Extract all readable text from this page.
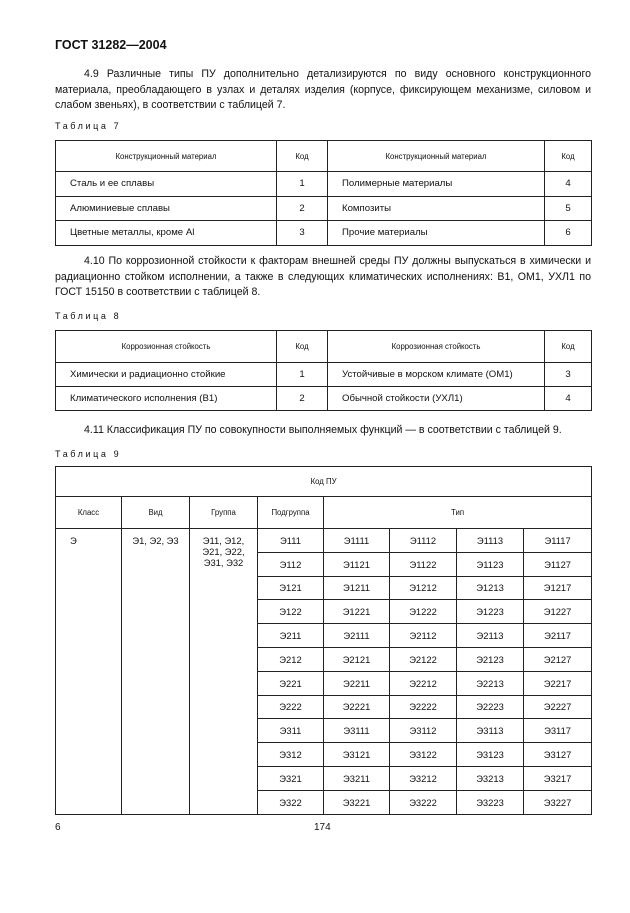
ГОСТ 31282—2004
4.9 Различные типы ПУ дополнительно детализируются по виду основного конструкционного материала, преобладающего в узлах и деталях изделия (корпусе, фиксирующем механизме, силовом и слабом звеньях), в соответствии с таблицей 7.
Таблица 7
Конструкционный материал	Код	Конструкционный материал	Код
Сталь и ее сплавы	1	Полимерные материалы	4
Алюминиевые сплавы	2	Композиты	5
Цветные металлы, кроме Al	3	Прочие материалы	6
4.10 По коррозионной стойкости к факторам внешней среды ПУ должны выпускаться в химически и радиационно стойком исполнении, а также в следующих климатических исполнениях: В1, ОМ1, УХЛ1 по ГОСТ 15150 в соответствии с таблицей 8.
Таблица 8
Коррозионная стойкость	Код	Коррозионная стойкость	Код
Химически и радиационно стойкие	1	Устойчивые в морском климате (ОМ1)	3
Климатического исполнения (В1)	2	Обычной стойкости (УХЛ1)	4
4.11 Классификация ПУ по совокупности выполняемых функций — в соответствии с таблицей 9.
Таблица 9
Код ПУ							
Класс	Вид	Группа	Подгруппа	Тип			
Э	Э1, Э2, Э3	Э11, Э12, Э21, Э22, Э31, Э32	Э111	Э1111	Э1112	Э1113	Э1117
			Э112	Э1121	Э1122	Э1123	Э1127
			Э121	Э1211	Э1212	Э1213	Э1217
			Э122	Э1221	Э1222	Э1223	Э1227
			Э211	Э2111	Э2112	Э2113	Э2117
			Э212	Э2121	Э2122	Э2123	Э2127
			Э221	Э2211	Э2212	Э2213	Э2217
			Э222	Э2221	Э2222	Э2223	Э2227
			Э311	Э3111	Э3112	Э3113	Э3117
			Э312	Э3121	Э3122	Э3123	Э3127
			Э321	Э3211	Э3212	Э3213	Э3217
			Э322	Э3221	Э3222	Э3223	Э3227
6	174
